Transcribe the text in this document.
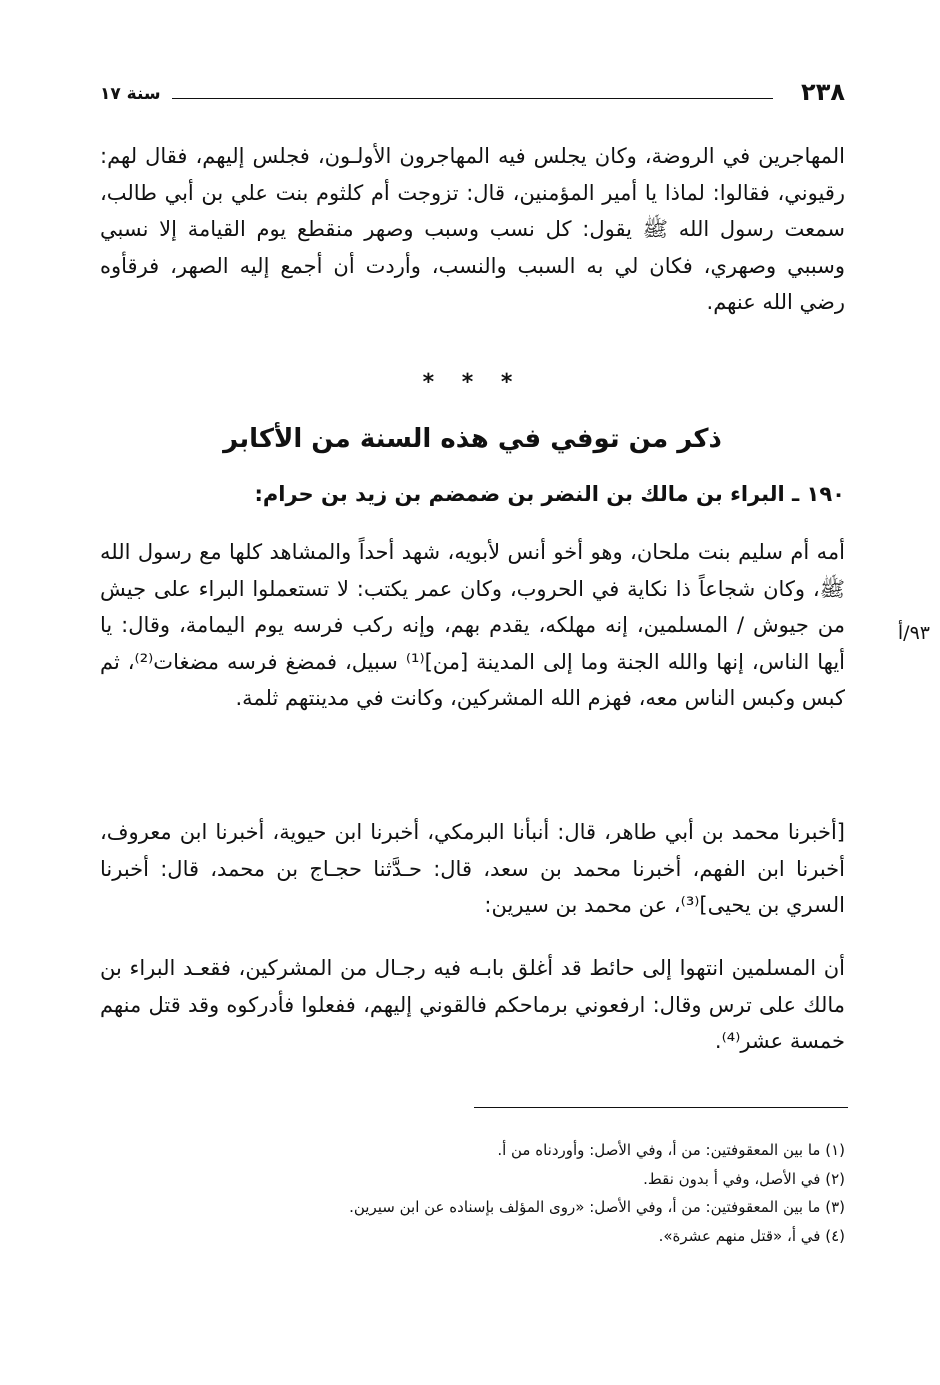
٢٣٨
سنة ١٧
المهاجرين في الروضة، وكان يجلس فيه المهاجرون الأولـون، فجلس إليهم، فقال لهم: رقيوني، فقالوا: لماذا يا أمير المؤمنين، قال: تزوجت أم كلثوم بنت علي بن أبي طالب، سمعت رسول الله ﷺ يقول: كل نسب وسبب وصهر منقطع يوم القيامة إلا نسبي وسببي وصهري، فكان لي به السبب والنسب، وأردت أن أجمع إليه الصهر، فرقأوه رضي الله عنهم.
* * *
ذكر من توفي في هذه السنة من الأكابر
١٩٠ ـ البراء بن مالك بن النضر بن ضمضم بن زيد بن حرام:
أمه أم سليم بنت ملحان، وهو أخو أنس لأبويه، شهد أحداً والمشاهد كلها مع رسول الله ﷺ، وكان شجاعاً ذا نكاية في الحروب، وكان عمر يكتب: لا تستعملوا البراء على جيش من جيوش / المسلمين، إنه مهلكه، يقدم بهم، وإنه ركب فرسه يوم اليمامة، وقال: يا أيها الناس، إنها والله الجنة وما إلى المدينة [من]⁽¹⁾ سبيل، فمضغ فرسه مضغات⁽²⁾، ثم كبس وكبس الناس معه، فهزم الله المشركين، وكانت في مدينتهم ثلمة.
٩٣/أ
[أخبرنا محمد بن أبي طاهر، قال: أنبأنا البرمكي، أخبرنا ابن حيوية، أخبرنا ابن معروف، أخبرنا ابن الفهم، أخبرنا محمد بن سعد، قال: حـدَّثنا حجـاج بن محمد، قال: أخبرنا السري بن يحيى]⁽³⁾، عن محمد بن سيرين:
أن المسلمين انتهوا إلى حائط قد أغلق بابـه فيه رجـال من المشركين، فقعـد البراء بن مالك على ترس وقال: ارفعوني برماحكم فالقوني إليهم، ففعلوا فأدركوه وقد قتل منهم خمسة عشر⁽⁴⁾.
(١) ما بين المعقوفتين: من أ، وفي الأصل: وأوردناه من أ.
(٢) في الأصل، وفي أ بدون نقط.
(٣) ما بين المعقوفتين: من أ، وفي الأصل: «روى المؤلف بإسناده عن ابن سيرين.
(٤) في أ، «قتل منهم عشرة».
